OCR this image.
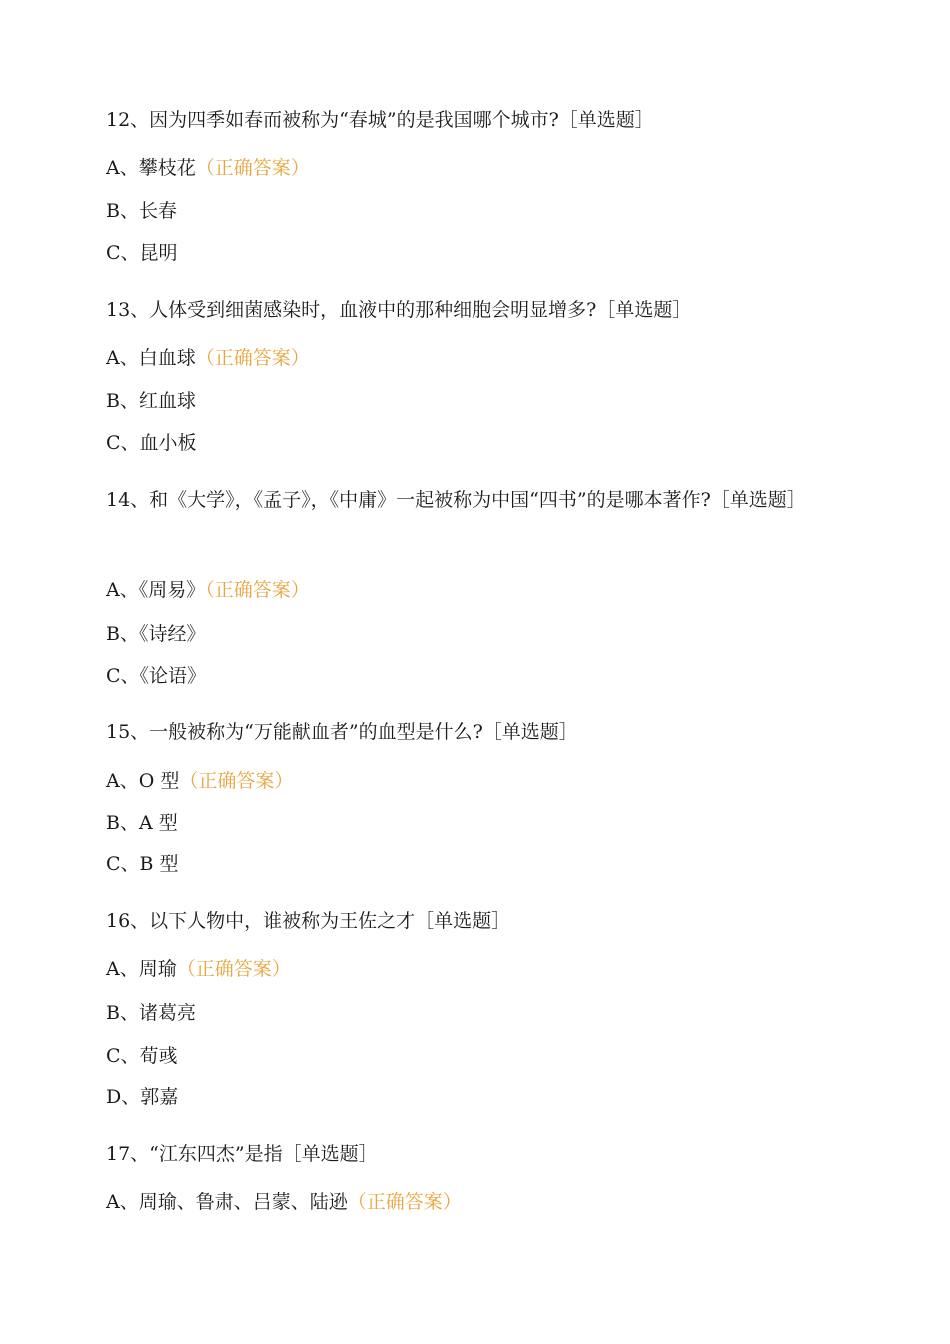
12、因为四季如春而被称为“春城”的是我国哪个城市?［单选题］
A、攀枝花（正确答案）
B、长春
C、昆明
13、人体受到细菌感染时，血液中的那种细胞会明显增多?［单选题］
A、白血球（正确答案）
B、红血球
C、血小板
14、和《大学》，《孟子》，《中庸》一起被称为中国“四书”的是哪本著作?［单选题］
A、《周易》（正确答案）
B、《诗经》
C、《论语》
15、一般被称为“万能献血者”的血型是什么?［单选题］
A、O 型（正确答案）
B、A 型
C、B 型
16、以下人物中，谁被称为王佐之才［单选题］
A、周瑜（正确答案）
B、诸葛亮
C、荀彧
D、郭嘉
17、“江东四杰”是指［单选题］
A、周瑜、鲁肃、吕蒙、陆逊（正确答案）
